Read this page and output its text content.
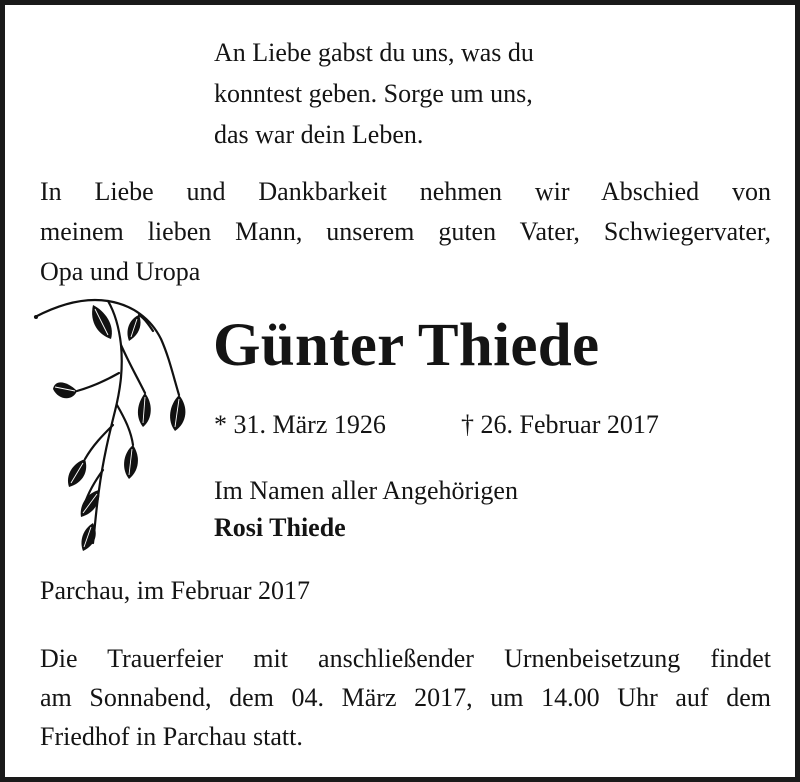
An Liebe gabst du uns, was du
konntest geben. Sorge um uns,
das war dein Leben.
In Liebe und Dankbarkeit nehmen wir Abschied von
meinem lieben Mann, unserem guten Vater, Schwiegervater,
Opa und Uropa
Günter Thiede
* 31. März 1926	† 26. Februar 2017
Im Namen aller Angehörigen
Rosi Thiede
Parchau, im Februar 2017
Die Trauerfeier mit anschließender Urnenbeisetzung findet
am Sonnabend, dem 04. März 2017, um 14.00 Uhr auf dem
Friedhof in Parchau statt.
